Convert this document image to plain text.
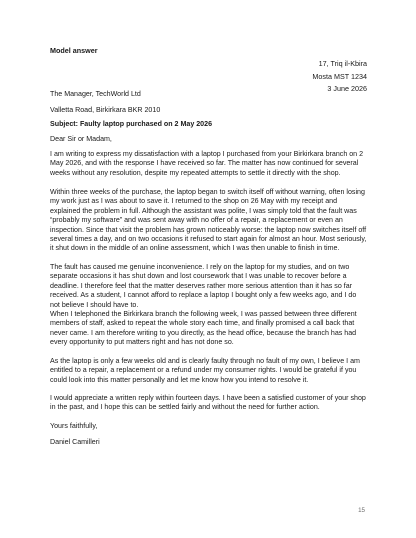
Model answer
17, Triq il-Kbira
Mosta MST 1234
3 June 2026

The Manager, TechWorld Ltd

Valletta Road, Birkirkara BKR 2010

Subject: Faulty laptop purchased on 2 May 2026

Dear Sir or Madam,

I am writing to express my dissatisfaction with a laptop I purchased from your Birkirkara branch on 2 May 2026, and with the response I have received so far. The matter has now continued for several weeks without any resolution, despite my repeated attempts to settle it directly with the shop.

Within three weeks of the purchase, the laptop began to switch itself off without warning, often losing my work just as I was about to save it. I returned to the shop on 26 May with my receipt and explained the problem in full. Although the assistant was polite, I was simply told that the fault was “probably my software” and was sent away with no offer of a repair, a replacement or even an inspection. Since that visit the problem has grown noticeably worse: the laptop now switches itself off several times a day, and on two occasions it refused to start again for almost an hour. Most seriously, it shut down in the middle of an online assessment, which I was then unable to finish in time.

The fault has caused me genuine inconvenience. I rely on the laptop for my studies, and on two separate occasions it has shut down and lost coursework that I was unable to recover before a deadline. I therefore feel that the matter deserves rather more serious attention than it has so far received. As a student, I cannot afford to replace a laptop I bought only a few weeks ago, and I do not believe I should have to.

When I telephoned the Birkirkara branch the following week, I was passed between three different members of staff, asked to repeat the whole story each time, and finally promised a call back that never came. I am therefore writing to you directly, as the head office, because the branch has had every opportunity to put matters right and has not done so.

As the laptop is only a few weeks old and is clearly faulty through no fault of my own, I believe I am entitled to a repair, a replacement or a refund under my consumer rights. I would be grateful if you could look into this matter personally and let me know how you intend to resolve it.

I would appreciate a written reply within fourteen days. I have been a satisfied customer of your shop in the past, and I hope this can be settled fairly and without the need for further action.

Yours faithfully,

Daniel Camilleri

15
